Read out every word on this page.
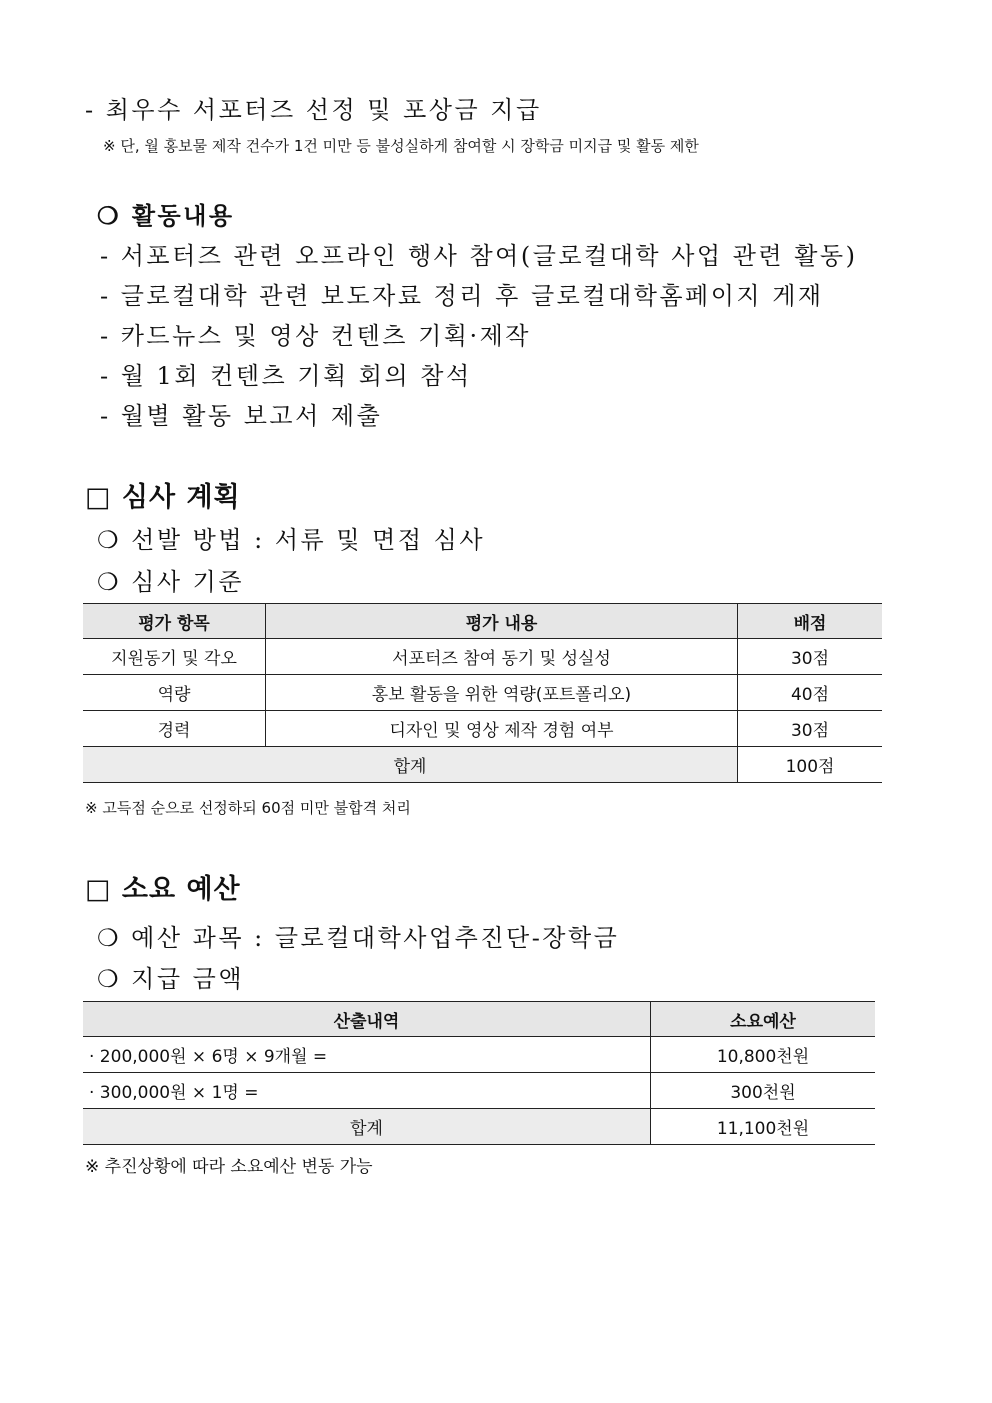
- 최우수 서포터즈 선정 및 포상금 지급
※ 단, 월 홍보물 제작 건수가 1건 미만 등 불성실하게 참여할 시 장학금 미지급 및 활동 제한
❍ 활동내용
- 서포터즈 관련 오프라인 행사 참여(글로컬대학 사업 관련 활동)
- 글로컬대학 관련 보도자료 정리 후 글로컬대학홈페이지 게재
- 카드뉴스 및 영상 컨텐츠 기획·제작
- 월 1회 컨텐츠 기획 회의 참석
- 월별 활동 보고서 제출
□ 심사 계획
❍ 선발 방법 : 서류 및 면접 심사
❍ 심사 기준
평가 항목	평가 내용	배점
지원동기 및 각오	서포터즈 참여 동기 및 성실성	30점
역량	홍보 활동을 위한 역량(포트폴리오)	40점
경력	디자인 및 영상 제작 경험 여부	30점
합계		100점
※ 고득점 순으로 선정하되 60점 미만 불합격 처리
□ 소요 예산
❍ 예산 과목 : 글로컬대학사업추진단-장학금
❍ 지급 금액
산출내역	소요예산
· 200,000원 × 6명 × 9개월 =	10,800천원
· 300,000원 × 1명 =	300천원
합계	11,100천원
※ 추진상황에 따라 소요예산 변동 가능
